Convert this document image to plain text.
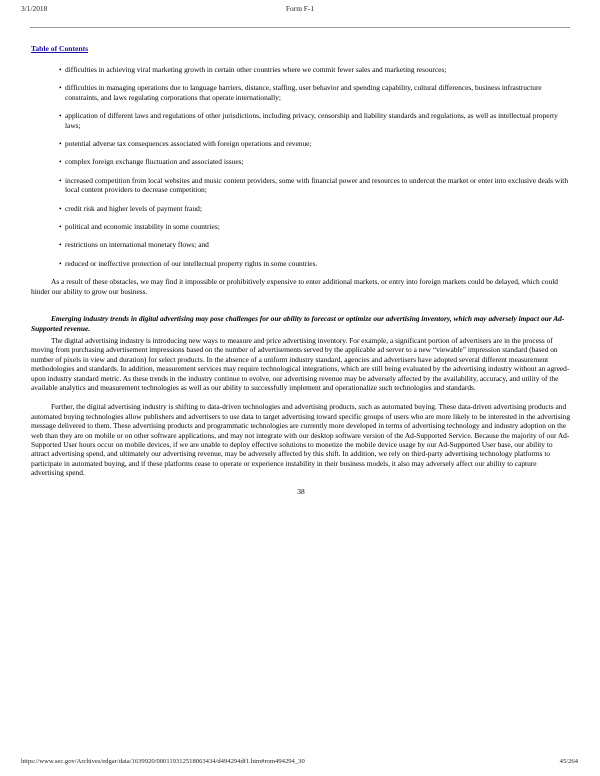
3/1/2018	Form F-1
Table of Contents
• difficulties in achieving viral marketing growth in certain other countries where we commit fewer sales and marketing resources;
• difficulties in managing operations due to language barriers, distance, staffing, user behavior and spending capability, cultural differences, business infrastructure constraints, and laws regulating corporations that operate internationally;
• application of different laws and regulations of other jurisdictions, including privacy, censorship and liability standards and regulations, as well as intellectual property laws;
• potential adverse tax consequences associated with foreign operations and revenue;
• complex foreign exchange fluctuation and associated issues;
• increased competition from local websites and music content providers, some with financial power and resources to undercut the market or enter into exclusive deals with local content providers to decrease competition;
• credit risk and higher levels of payment fraud;
• political and economic instability in some countries;
• restrictions on international monetary flows; and
• reduced or ineffective protection of our intellectual property rights in some countries.

As a result of these obstacles, we may find it impossible or prohibitively expensive to enter additional markets, or entry into foreign markets could be delayed, which could hinder our ability to grow our business.

Emerging industry trends in digital advertising may pose challenges for our ability to forecast or optimize our advertising inventory, which may adversely impact our Ad-Supported revenue.

The digital advertising industry is introducing new ways to measure and price advertising inventory. For example, a significant portion of advertisers are in the process of moving from purchasing advertisement impressions based on the number of advertisements served by the applicable ad server to a new “viewable” impression standard (based on number of pixels in view and duration) for select products. In the absence of a uniform industry standard, agencies and advertisers have adopted several different measurement methodologies and standards. In addition, measurement services may require technological integrations, which are still being evaluated by the advertising industry without an agreed-upon industry standard metric. As these trends in the industry continue to evolve, our advertising revenue may be adversely affected by the availability, accuracy, and utility of the available analytics and measurement technologies as well as our ability to successfully implement and operationalize such technologies and standards.

Further, the digital advertising industry is shifting to data-driven technologies and advertising products, such as automated buying. These data-driven advertising products and automated buying technologies allow publishers and advertisers to use data to target advertising toward specific groups of users who are more likely to be interested in the advertising message delivered to them. These advertising products and programmatic technologies are currently more developed in terms of advertising technology and industry adoption on the web than they are on mobile or on other software applications, and may not integrate with our desktop software version of the Ad-Supported Service. Because the majority of our Ad-Supported User hours occur on mobile devices, if we are unable to deploy effective solutions to monetize the mobile device usage by our Ad-Supported User base, our ability to attract advertising spend, and ultimately our advertising revenue, may be adversely affected by this shift. In addition, we rely on third-party advertising technology platforms to participate in automated buying, and if these platforms cease to operate or experience instability in their business models, it also may adversely affect our ability to capture advertising spend.

38

https://www.sec.gov/Archives/edgar/data/1639920/000119312518063434/d494294df1.htm#rom494294_30	45/264
